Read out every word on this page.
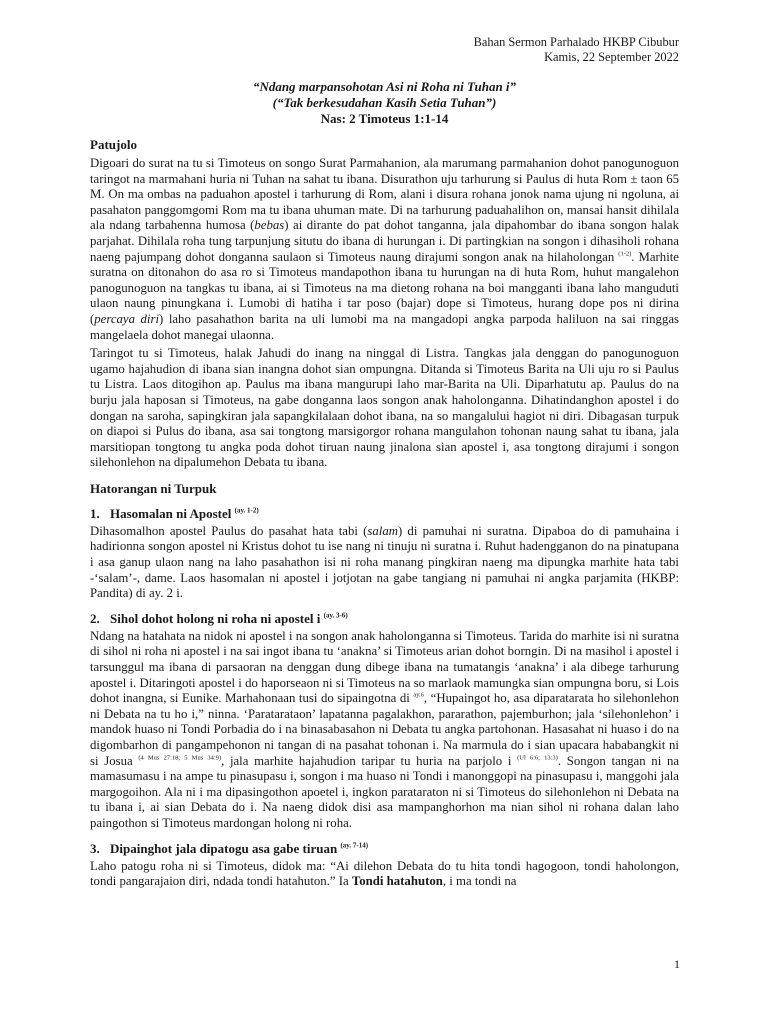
Bahan Sermon Parhalado HKBP Cibubur
Kamis, 22 September 2022
“Ndang marpansohotan Asi ni Roha ni Tuhan i”
(“Tak berkesudahan Kasih Setia Tuhan”)
Nas: 2 Timoteus 1:1-14
Patujolo

Digoari do surat na tu si Timoteus on songo Surat Parmahanion, ala marumang parmahanion dohot panogunoguon taringot na marmahani huria ni Tuhan na sahat tu ibana. Disurathon uju tarhurung si Paulus di huta Rom ± taon 65 M. On ma ombas na paduahon apostel i tarhurung di Rom, alani i disura rohana jonok nama ujung ni ngoluna, ai pasahaton panggomgomi Rom ma tu ibana uhuman mate. Di na tarhurung paduahalihon on, mansai hansit dihilala ala ndang tarbahenna humosa (bebas) ai dirante do pat dohot tanganna, jala dipahombar do ibana songon halak parjahat. Dihilala roha tung tarpunjung situtu do ibana di hurungan i. Di partingkian na songon i dihasiholi rohana naeng pajumpang dohot donganna saulaon si Timoteus naung dirajumi songon anak na hilaholongan $^{(1-2)}$. Marhite suratna on ditonahon do asa ro si Timoteus mandapothon ibana tu hurungan na di huta Rom, huhut mangalehon panogunoguon na tangkas tu ibana, ai si Timoteus na ma dietong rohana na boi mangganti ibana laho manguduti ulaon naung pinungkana i. Lumobi di hatiha i tar poso (bajar) dope si Timoteus, hurang dope pos ni dirina (percaya diri) laho pasahathon barita na uli lumobi ma na mangadopi angka parpoda haliluon na sai ringgas mangelaela dohot manegai ulaonna.

Taringot tu si Timoteus, halak Jahudi do inang na ninggal di Listra. Tangkas jala denggan do panogunoguon ugamo hajahudion di ibana sian inangna dohot sian ompungna. Ditanda si Timoteus Barita na Uli uju ro si Paulus tu Listra. Laos ditogihon ap. Paulus ma ibana mangurupi laho mar-Barita na Uli. Diparhatutu ap. Paulus do na burju jala haposan si Timoteus, na gabe donganna laos songon anak haholonganna. Dihatindanghon apostel i do dongan na saroha, sapingkiran jala sapangkilalaan dohot ibana, na so mangalului hagiot ni diri. Dibagasan turpuk on diapoi si Pulus do ibana, asa sai tongtong marsigorgor rohana mangulahon tohonan naung sahat tu ibana, jala marsitiopan tongtong tu angka poda dohot tiruan naung jinalona sian apostel i, asa tongtong dirajumi i songon silehonlehon na dipalumehon Debata tu ibana.

Hatorangan ni Turpuk
1. Hasomalan ni Apostel $^{(ay. 1-2)}$

Dihasomalhon apostel Paulus do pasahat hata tabi (salam) di pamuhai ni suratna. Dipaboa do di pamuhaina i hadirionna songon apostel ni Kristus dohot tu ise nang ni tinuju ni suratna i. Ruhut hadengganon do na pinatupana i asa ganup ulaon nang na laho pasahathon isi ni roha manang pingkiran naeng ma dipungka marhite hata tabi -‘salam’-, dame. Laos hasomalan ni apostel i jotjotan na gabe tangiang ni pamuhai ni angka parjamita (HKBP: Pandita) di ay. 2 i.

2. Sihol dohot holong ni roha ni apostel i $^{(ay. 3-6)}$

Ndang na hatahata na nidok ni apostel i na songon anak haholonganna si Timoteus. Tarida do marhite isi ni suratna di sihol ni roha ni apostel i na sai ingot ibana tu ‘anakna’ si Timoteus arian dohot borngin. Di na masihol i apostel i tarsunggul ma ibana di parsaoran na denggan dung dibege ibana na tumatangis ‘anakna’ i ala dibege tarhurung apostel i. Ditaringoti apostel i do haporseaon ni si Timoteus na so marlaok mamungka sian ompungna boru, si Lois dohot inangna, si Eunike. Marhahonaan tusi do sipaingotna di $^{ay.6}$, “Hupaingot ho, asa diparatarata ho silehonlehon ni Debata na tu ho i,” ninna. ‘Paratarataon’ lapatanna pagalakhon, pararathon, pajemburhon; jala ‘silehonlehon’ i mandok huaso ni Tondi Porbadia do i na binasabasahon ni Debata tu angka partohonan. Hasasahat ni huaso i do na digombarhon di pangampehonon ni tangan di na pasahat tohonan i. Na marmula do i sian upacara hababangkit ni si Josua $^{(4 Mus 27:18; 5 Mus 34:9)}$, jala marhite hajahudion taripar tu huria na parjolo i $^{(Ul 6:6; 13:3)}$. Songon tangan ni na mamasumasu i na ampe tu pinasupasu i, songon i ma huaso ni Tondi i manonggopi na pinasupasu i, manggohi jala margogoihon. Ala ni i ma dipasingothon apoetel i, ingkon parataraton ni si Timoteus do silehonlehon ni Debata na tu ibana i, ai sian Debata do i. Na naeng didok disi asa mampanghorhon ma nian sihol ni rohana dalan laho paingothon si Timoteus mardongan holong ni roha.

3. Dipainghot jala dipatogu asa gabe tiruan $^{(ay. 7-14)}$

Laho patogu roha ni si Timoteus, didok ma: “Ai dilehon Debata do tu hita tondi hagogoon, tondi haholongon, tondi pangarajaion diri, ndada tondi hatahuton.” Ia Tondi hatahuton, i ma tondi na

1
